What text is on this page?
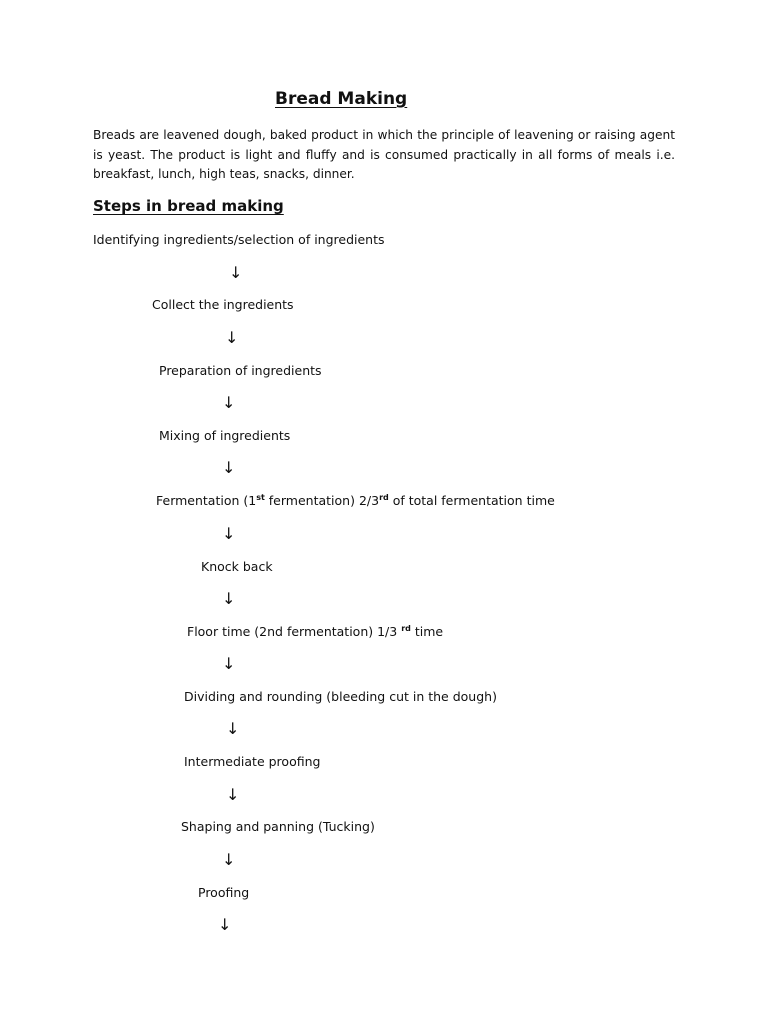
Bread Making
Breads are leavened dough, baked product in which the principle of leavening or raising agent is yeast. The product is light and fluffy and is consumed practically in all forms of meals i.e. breakfast, lunch, high teas, snacks, dinner.
Steps in bread making
Identifying ingredients/selection of ingredients
↓
Collect the ingredients
↓
Preparation of ingredients
↓
Mixing of ingredients
↓
Fermentation (1st fermentation) 2/3rd of total fermentation time
↓
Knock back
↓
Floor time (2nd fermentation) 1/3 $^{rd}$ time
↓
Dividing and rounding (bleeding cut in the dough)
↓
Intermediate proofing
↓
Shaping and panning (Tucking)
↓
Proofing
↓
